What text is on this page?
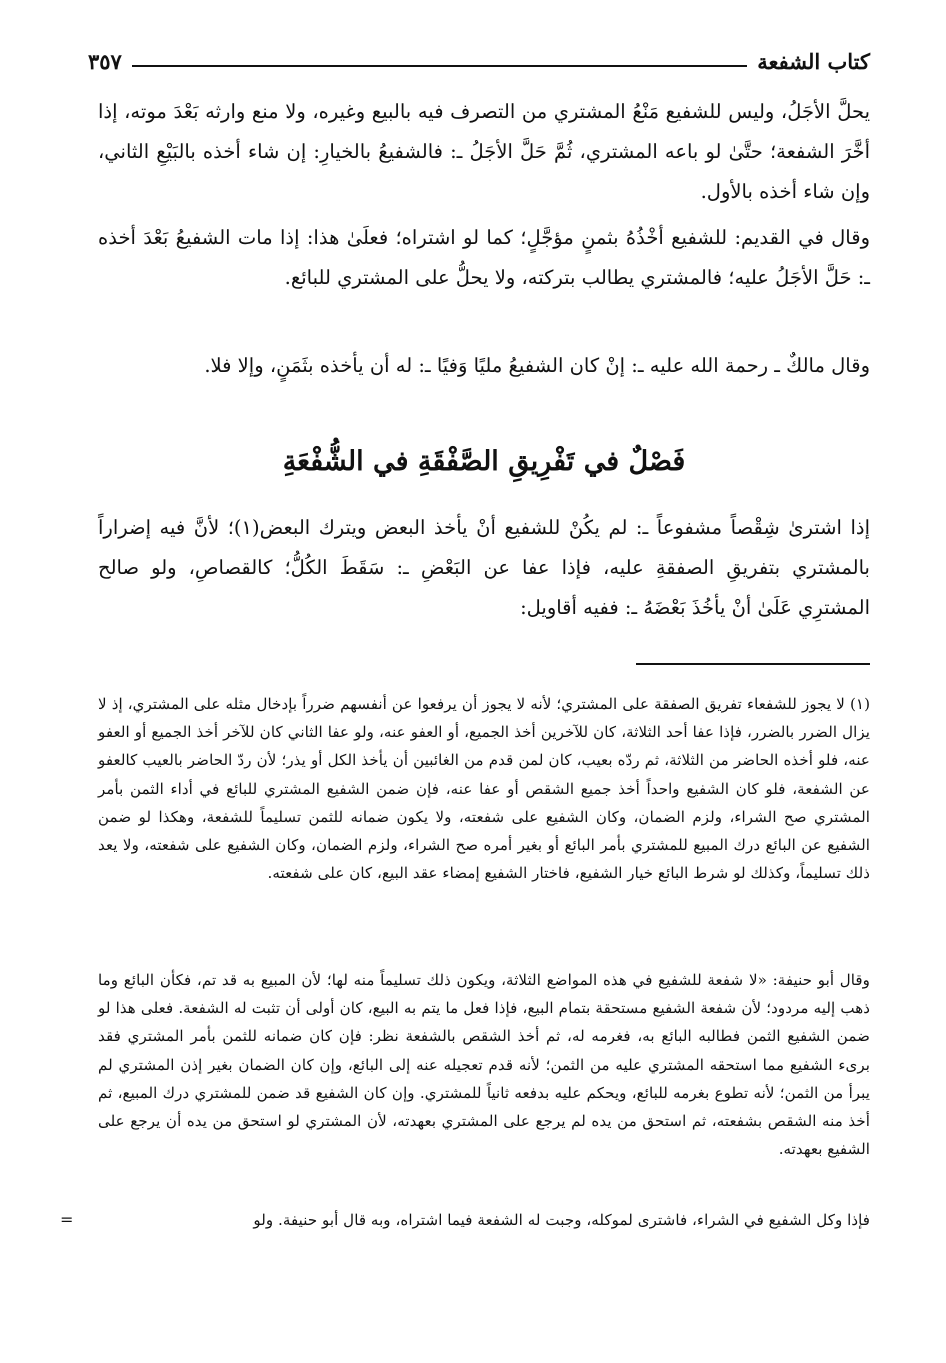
كتاب الشفعة
٣٥٧

يحلَّ الأجَلُ، وليس للشفيع مَنْعُ المشتري من التصرف فيه بالبيع وغيره، ولا منع وارثه بَعْدَ موته، إذا أخَّرَ الشفعة؛ حتَّىٰ لو باعه المشتري، ثُمَّ حَلَّ الأجَلُ ـ: فالشفيعُ بالخيارِ: إن شاء أخذه بالبَيْعِ الثاني، وإن شاء أخذه بالأول.

وقال في القديم: للشفيع أخْذُهُ بثمنٍ مؤجَّلٍ؛ كما لو اشتراه؛ فعلَىٰ هذا: إذا مات الشفيعُ بَعْدَ أخذه ـ: حَلَّ الأجَلُ عليه؛ فالمشتري يطالب بتركته، ولا يحلُّ على المشتري للبائع.

وقال مالكٌ ـ رحمة الله عليه ـ: إنْ كان الشفيعُ مليًا وَفيًا ـ: له أن يأخذه بثَمَنٍ، وإلا فلا.

فَصْلٌ في تَفْرِيقِ الصَّفْقَةِ في الشُّفْعَةِ

إذا اشترىٰ شِقْصاً مشفوعاً ـ: لم يكُنْ للشفيع أنْ يأخذ البعض ويترك البعض(١)؛ لأنَّ فيه إضراراً بالمشتري بتفريقِ الصفقةِ عليه، فإذا عفا عن البَعْضِ ـ: سَقَطَ الكُلُّ؛ كالقصاصِ، ولو صالح المشترِي عَلَىٰ أنْ يأخُذَ بَعْضَهُ ـ: ففيه أقاويل:

(١) لا يجوز للشفعاء تفريق الصفقة على المشتري؛ لأنه لا يجوز أن يرفعوا عن أنفسهم ضرراً بإدخال مثله على المشتري، إذ لا يزال الضرر بالضرر، فإذا عفا أحد الثلاثة، كان للآخرين أخذ الجميع، أو العفو عنه، ولو عفا الثاني كان للآخر أخذ الجميع أو العفو عنه، فلو أخذه الحاضر من الثلاثة، ثم ردّه بعيب، كان لمن قدم من الغائبين أن يأخذ الكل أو يذر؛ لأن ردّ الحاضر بالعيب كالعفو عن الشفعة، فلو كان الشفيع واحداً أخذ جميع الشقص أو عفا عنه، فإن ضمن الشفيع المشتري للبائع في أداء الثمن بأمر المشتري صح الشراء، ولزم الضمان، وكان الشفيع على شفعته، ولا يكون ضمانه للثمن تسليماً للشفعة، وهكذا لو ضمن الشفيع عن البائع درك المبيع للمشتري بأمر البائع أو بغير أمره صح الشراء، ولزم الضمان، وكان الشفيع على شفعته، ولا يعد ذلك تسليماً، وكذلك لو شرط البائع خيار الشفيع، فاختار الشفيع إمضاء عقد البيع، كان على شفعته.

وقال أبو حنيفة: «لا شفعة للشفيع في هذه المواضع الثلاثة، ويكون ذلك تسليماً منه لها؛ لأن المبيع به قد تم، فكأن البائع وما ذهب إليه مردود؛ لأن شفعة الشفيع مستحقة بتمام البيع، فإذا فعل ما يتم به البيع، كان أولى أن تثبت له الشفعة. فعلى هذا لو ضمن الشفيع الثمن فطالبه البائع به، فغرمه له، ثم أخذ الشقص بالشفعة نظر: فإن كان ضمانه للثمن بأمر المشتري فقد برىء الشفيع مما استحقه المشتري عليه من الثمن؛ لأنه قدم تعجيله عنه إلى البائع، وإن كان الضمان بغير إذن المشتري لم يبرأ من الثمن؛ لأنه تطوع بغرمه للبائع، ويحكم عليه بدفعه ثانياً للمشتري. وإن كان الشفيع قد ضمن للمشتري درك المبيع، ثم أخذ منه الشقص بشفعته، ثم استحق من يده لم يرجع على المشتري بعهدته، لأن المشتري لو استحق من يده أن يرجع على الشفيع بعهدته.

فإذا وكل الشفيع في الشراء، فاشترى لموكله، وجبت له الشفعة فيما اشتراه، وبه قال أبو حنيفة. ولو

=
